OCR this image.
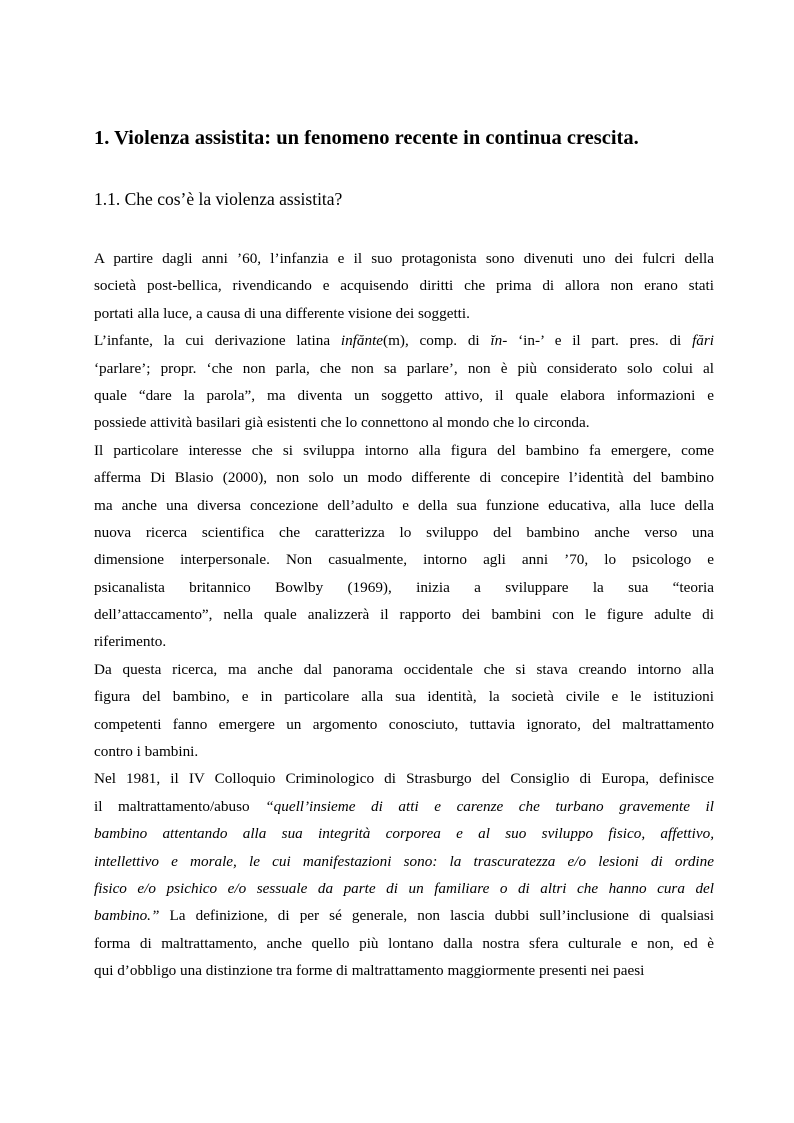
1. Violenza assistita: un fenomeno recente in continua crescita.
1.1. Che cos’è la violenza assistita?
A partire dagli anni ’60, l’infanzia e il suo protagonista sono divenuti uno dei fulcri della
società post-bellica, rivendicando e acquisendo diritti che prima di allora non erano stati
portati alla luce, a causa di una differente visione dei soggetti.
L’infante, la cui derivazione latina infănte(m), comp. di ĭn- ‘in-’ e il part. pres. di fări
‘parlare’; propr. ‘che non parla, che non sa parlare’, non è più considerato solo colui al
quale “dare la parola”, ma diventa un soggetto attivo, il quale elabora informazioni e
possiede attività basilari già esistenti che lo connettono al mondo che lo circonda.
Il particolare interesse che si sviluppa intorno alla figura del bambino fa emergere, come
afferma Di Blasio (2000), non solo un modo differente di concepire l’identità del bambino
ma anche una diversa concezione dell’adulto e della sua funzione educativa, alla luce della
nuova ricerca scientifica che caratterizza lo sviluppo del bambino anche verso una
dimensione interpersonale. Non casualmente, intorno agli anni ’70, lo psicologo e
psicanalista britannico Bowlby (1969), inizia a sviluppare la sua “teoria
dell’attaccamento”, nella quale analizzerà il rapporto dei bambini con le figure adulte di
riferimento.
Da questa ricerca, ma anche dal panorama occidentale che si stava creando intorno alla
figura del bambino, e in particolare alla sua identità, la società civile e le istituzioni
competenti fanno emergere un argomento conosciuto, tuttavia ignorato, del maltrattamento
contro i bambini.
Nel 1981, il IV Colloquio Criminologico di Strasburgo del Consiglio di Europa, definisce
il maltrattamento/abuso “quell’insieme di atti e carenze che turbano gravemente il
bambino attentando alla sua integrità corporea e al suo sviluppo fisico, affettivo,
intellettivo e morale, le cui manifestazioni sono: la trascuratezza e/o lesioni di ordine
fisico e/o psichico e/o sessuale da parte di un familiare o di altri che hanno cura del
bambino.” La definizione, di per sé generale, non lascia dubbi sull’inclusione di qualsiasi
forma di maltrattamento, anche quello più lontano dalla nostra sfera culturale e non, ed è
qui d’obbligo una distinzione tra forme di maltrattamento maggiormente presenti nei paesi
